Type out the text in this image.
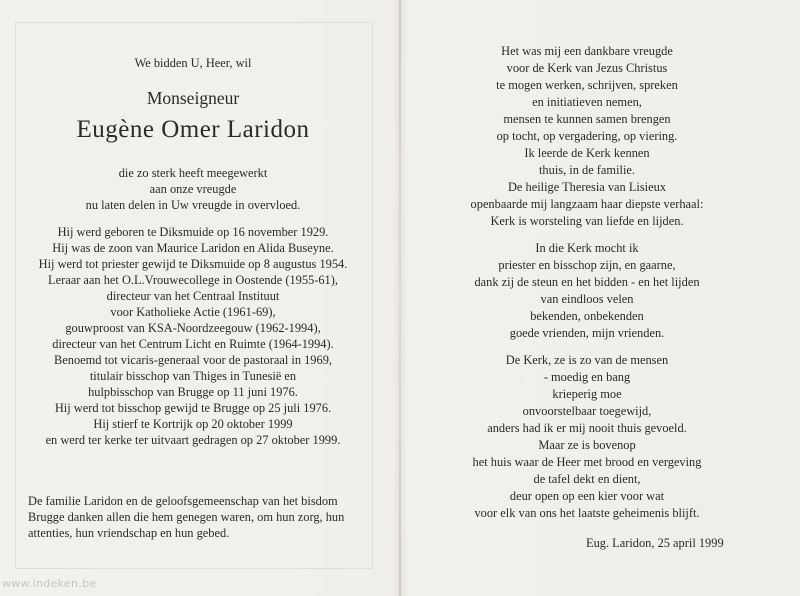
We bidden U, Heer, wil
Monseigneur
Eugène Omer Laridon
die zo sterk heeft meegewerkt
aan onze vreugde
nu laten delen in Uw vreugde in overvloed.
Hij werd geboren te Diksmuide op 16 november 1929.
Hij was de zoon van Maurice Laridon en Alida Buseyne.
Hij werd tot priester gewijd te Diksmuide op 8 augustus 1954.
Leraar aan het O.L.Vrouwecollege in Oostende (1955-61),
directeur van het Centraal Instituut
voor Katholieke Actie (1961-69),
gouwproost van KSA-Noordzeegouw (1962-1994),
directeur van het Centrum Licht en Ruimte (1964-1994).
Benoemd tot vicaris-generaal voor de pastoraal in 1969,
titulair bisschop van Thiges in Tunesië en
hulpbisschop van Brugge op 11 juni 1976.
Hij werd tot bisschop gewijd te Brugge op 25 juli 1976.
Hij stierf te Kortrijk op 20 oktober 1999
en werd ter kerke ter uitvaart gedragen op 27 oktober 1999.
De familie Laridon en de geloofsgemeenschap van het bisdom
Brugge danken allen die hem genegen waren, om hun zorg, hun
attenties, hun vriendschap en hun gebed.
Het was mij een dankbare vreugde
voor de Kerk van Jezus Christus
te mogen werken, schrijven, spreken
en initiatieven nemen,
mensen te kunnen samen brengen
op tocht, op vergadering, op viering.
Ik leerde de Kerk kennen
thuis, in de familie.
De heilige Theresia van Lisieux
openbaarde mij langzaam haar diepste verhaal:
Kerk is worsteling van liefde en lijden.
In die Kerk mocht ik
priester en bisschop zijn, en gaarne,
dank zij de steun en het bidden - en het lijden
van eindloos velen
bekenden, onbekenden
goede vrienden, mijn vrienden.
De Kerk, ze is zo van de mensen
- moedig en bang
krieperig moe
onvoorstelbaar toegewijd,
anders had ik er mij nooit thuis gevoeld.
Maar ze is bovenop
het huis waar de Heer met brood en vergeving
de tafel dekt en dient,
deur open op een kier voor wat
voor elk van ons het laatste geheimenis blijft.
Eug. Laridon, 25 april 1999
www.indeken.be
